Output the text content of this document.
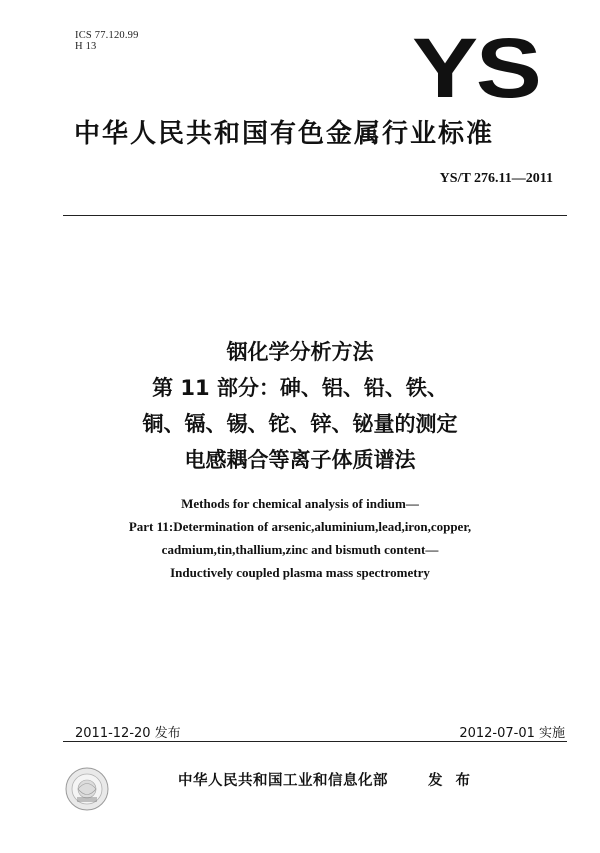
ICS 77.120.99
H 13	YS
中华人民共和国有色金属行业标准
YS/T 276.11—2011
铟化学分析方法
第 11 部分：砷、铝、铅、铁、
铜、镉、锡、铊、锌、铋量的测定
电感耦合等离子体质谱法
Methods for chemical analysis of indium—
Part 11:Determination of arsenic,aluminium,lead,iron,copper,
cadmium,tin,thallium,zinc and bismuth content—
Inductively coupled plasma mass spectrometry
2011-12-20 发布	2012-07-01 实施
中华人民共和国工业和信息化部	发 布
